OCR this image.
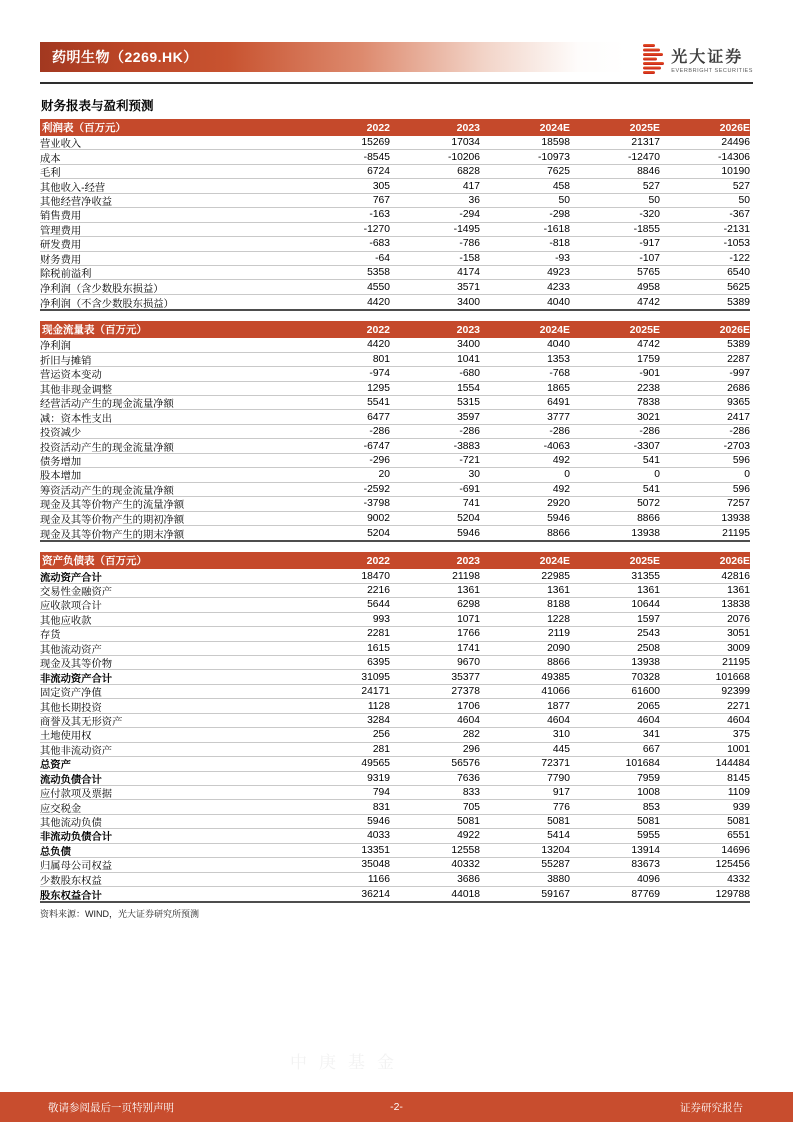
药明生物（2269.HK）	光大证券
EVERBRIGHT SECURITIES
财务报表与盈利预测
利润表（百万元）	2022	2023	2024E	2025E	2026E
营业收入	15269	17034	18598	21317	24496
成本	-8545	-10206	-10973	-12470	-14306
毛利	6724	6828	7625	8846	10190
其他收入-经营	305	417	458	527	527
其他经营净收益	767	36	50	50	50
销售费用	-163	-294	-298	-320	-367
管理费用	-1270	-1495	-1618	-1855	-2131
研发费用	-683	-786	-818	-917	-1053
财务费用	-64	-158	-93	-107	-122
除税前溢利	5358	4174	4923	5765	6540
净利润（含少数股东损益）	4550	3571	4233	4958	5625
净利润（不含少数股东损益）	4420	3400	4040	4742	5389
现金流量表（百万元）	2022	2023	2024E	2025E	2026E
净利润	4420	3400	4040	4742	5389
折旧与摊销	801	1041	1353	1759	2287
营运资本变动	-974	-680	-768	-901	-997
其他非现金调整	1295	1554	1865	2238	2686
经营活动产生的现金流量净额	5541	5315	6491	7838	9365
减：资本性支出	6477	3597	3777	3021	2417
投资减少	-286	-286	-286	-286	-286
投资活动产生的现金流量净额	-6747	-3883	-4063	-3307	-2703
债务增加	-296	-721	492	541	596
股本增加	20	30	0	0	0
筹资活动产生的现金流量净额	-2592	-691	492	541	596
现金及其等价物产生的流量净额	-3798	741	2920	5072	7257
现金及其等价物产生的期初净额	9002	5204	5946	8866	13938
现金及其等价物产生的期末净额	5204	5946	8866	13938	21195
资产负债表（百万元）	2022	2023	2024E	2025E	2026E
流动资产合计	18470	21198	22985	31355	42816
交易性金融资产	2216	1361	1361	1361	1361
应收款项合计	5644	6298	8188	10644	13838
其他应收款	993	1071	1228	1597	2076
存货	2281	1766	2119	2543	3051
其他流动资产	1615	1741	2090	2508	3009
现金及其等价物	6395	9670	8866	13938	21195
非流动资产合计	31095	35377	49385	70328	101668
固定资产净值	24171	27378	41066	61600	92399
其他长期投资	1128	1706	1877	2065	2271
商誉及其无形资产	3284	4604	4604	4604	4604
土地使用权	256	282	310	341	375
其他非流动资产	281	296	445	667	1001
总资产	49565	56576	72371	101684	144484
流动负债合计	9319	7636	7790	7959	8145
应付款项及票据	794	833	917	1008	1109
应交税金	831	705	776	853	939
其他流动负债	5946	5081	5081	5081	5081
非流动负债合计	4033	4922	5414	5955	6551
总负债	13351	12558	13204	13914	14696
归属母公司权益	35048	40332	55287	83673	125456
少数股东权益	1166	3686	3880	4096	4332
股东权益合计	36214	44018	59167	87769	129788
资料来源：WIND，光大证券研究所预测
中庚基金
敬请参阅最后一页特别声明	-2-	证券研究报告
